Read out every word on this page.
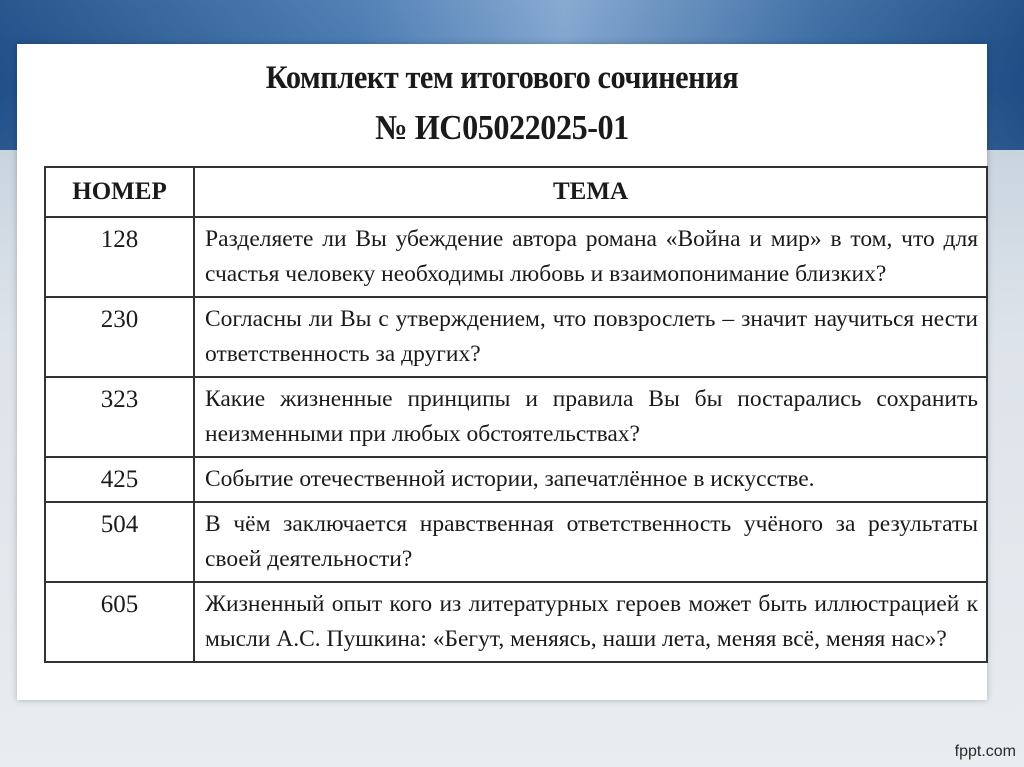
Комплект тем итогового сочинения
№ ИС05022025-01
НОМЕР	ТЕМА
128	Разделяете ли Вы убеждение автора романа «Война и мир» в том, что для счастья человеку необходимы любовь и взаимопонимание близких?
230	Согласны ли Вы с утверждением, что повзрослеть – значит научиться нести ответственность за других?
323	Какие жизненные принципы и правила Вы бы постарались сохранить неизменными при любых обстоятельствах?
425	Событие отечественной истории, запечатлённое в искусстве.
504	В чём заключается нравственная ответственность учёного за результаты своей деятельности?
605	Жизненный опыт кого из литературных героев может быть иллюстрацией к мысли А.С. Пушкина: «Бегут, меняясь, наши лета, меняя всё, меняя нас»?
fppt.com
